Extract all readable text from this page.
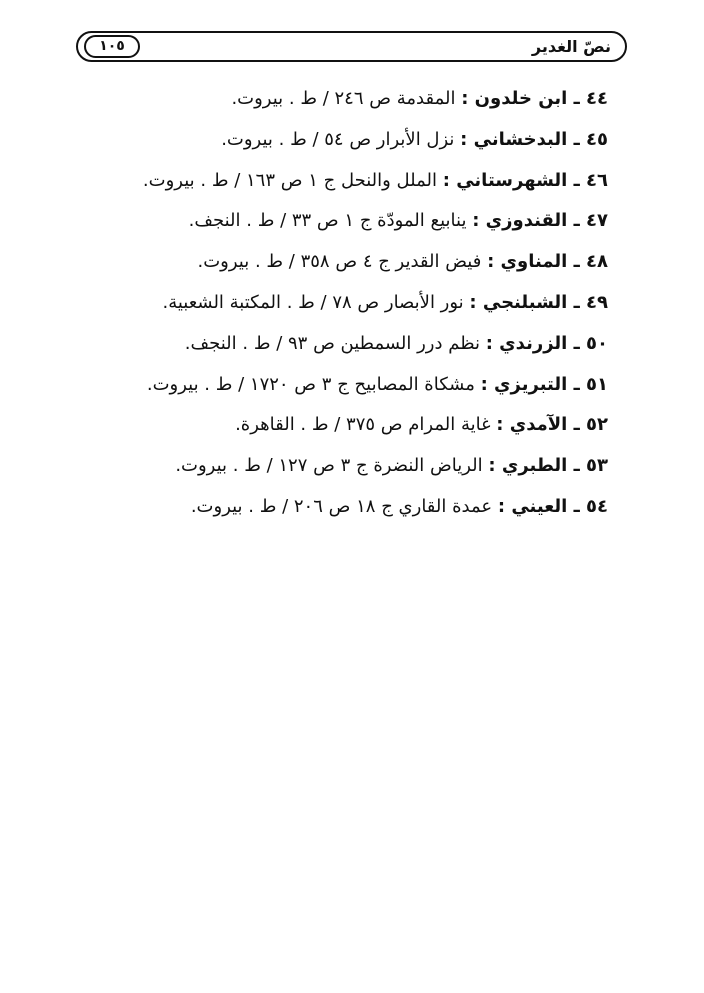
نصّ الغدير
١٠٥
٤٤ ـ ابن خلدون : المقدمة ص ٢٤٦ / ط . بيروت.
٤٥ ـ البدخشاني : نزل الأبرار ص ٥٤ / ط . بيروت.
٤٦ ـ الشهرستاني : الملل والنحل ج ١ ص ١٦٣ / ط . بيروت.
٤٧ ـ القندوزي : ينابيع المودّة ج ١ ص ٣٣ / ط . النجف.
٤٨ ـ المناوي : فيض القدير ج ٤ ص ٣٥٨ / ط . بيروت.
٤٩ ـ الشبلنجي : نور الأبصار ص ٧٨ / ط . المكتبة الشعبية.
٥٠ ـ الزرندي : نظم درر السمطين ص ٩٣ / ط . النجف.
٥١ ـ التبريزي : مشكاة المصابيح ج ٣ ص ١٧٢٠ / ط . بيروت.
٥٢ ـ الآمدي : غاية المرام ص ٣٧٥ / ط . القاهرة.
٥٣ ـ الطبري : الرياض النضرة ج ٣ ص ١٢٧ / ط . بيروت.
٥٤ ـ العيني : عمدة القاري ج ١٨ ص ٢٠٦ / ط . بيروت.
